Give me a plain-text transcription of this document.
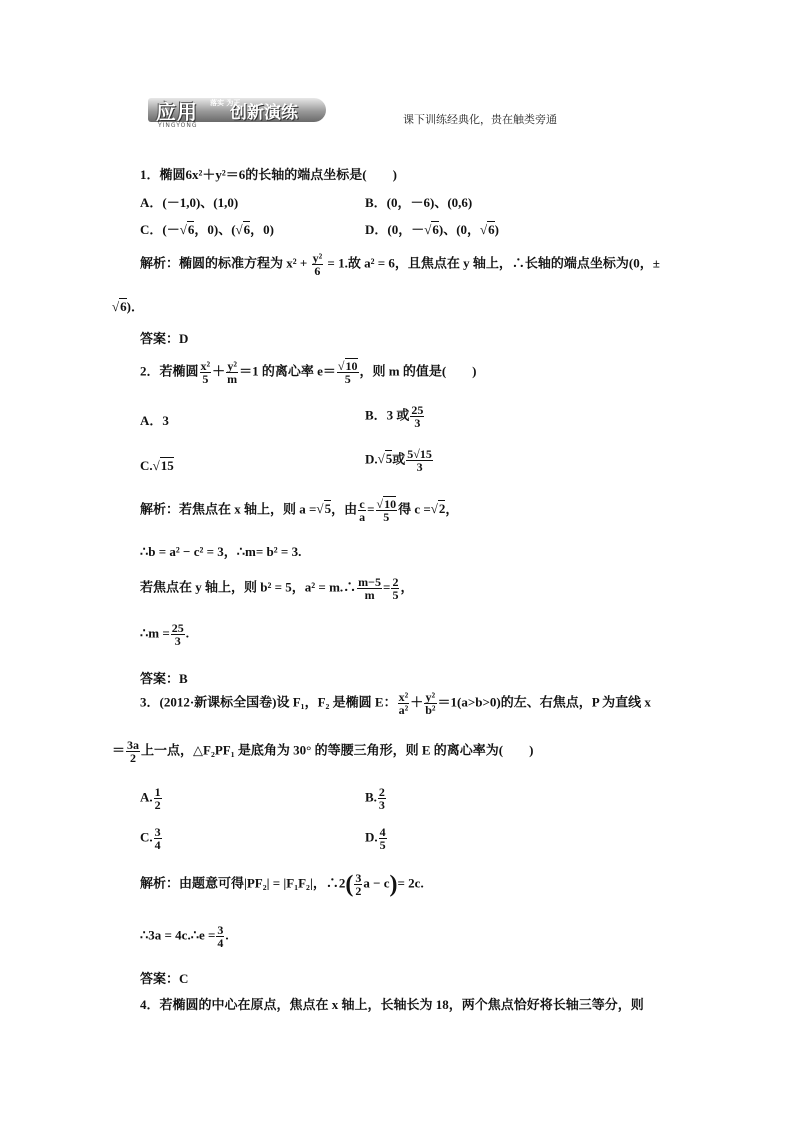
应用 落实 为王
创新演练
YINGYONG	课下训练经典化，贵在触类旁通
1．椭圆6x²＋y²＝6的长轴的端点坐标是(　　)
A．(－1,0)、(1,0)	B．(0，－6)、(0,6)
C．(－ √ 6，0)、( √ 6，0)	D．(0，－ √ 6)、(0， √ 6)
解析：椭圆的标准方程为 $x^2 + \frac{\text{y²}}{6} = 1$.故 a² = 6，且焦点在 y 轴上，∴长轴的端点坐标为(0，±
√ 6)．
答案：D
2．若椭圆 $\frac{\text{x²}}{5} + \frac{\text{y²}}{m} =1$ 的离心率 e＝ √ $\frac{10}{5}$ ，则 m 的值是(　　)
A．3	B．3 或 $\frac{25}{3}$
C. √ 15	D. √ 5或 $\frac{5√15}{3}$
解析：若焦点在 x 轴上，则 a = √ 5，由 $\frac{c}{a}$ = √ $\frac{10}{5}$ 得 c = √ 2，
∴b = a² − c² = 3，∴m= b² = 3.
若焦点在 y 轴上，则 b² = 5，a² = m.∴ $\frac{m-5}{m} = \frac{2}{5}$ ，
∴m = $\frac{25}{3}$ .
答案：B
3．(2012·新课标全国卷)设 F₁，F₂ 是椭圆 E： $\frac{\text{x²}}{\text{a²}} + \frac{\text{y²}}{\text{b²}} =1(a>b>0)$的左、右焦点，P 为直线 x
＝ $\frac{3a}{2}$ 上一点，△F₂PF₁ 是底角为 30° 的等腰三角形，则 E 的离心率为(　　)
A. $\frac{1}{2}$	B. $\frac{2}{3}$
C. $\frac{3}{4}$	D. $\frac{4}{5}$
解析：由题意可得|PF₂| = |F₁F₂|，∴2( $\frac{3}{2}$ a − c)= 2c.
∴3a = 4c.∴e = $\frac{3}{4}$ .
答案：C
4．若椭圆的中心在原点，焦点在 x 轴上，长轴长为 18，两个焦点恰好将长轴三等分，则
